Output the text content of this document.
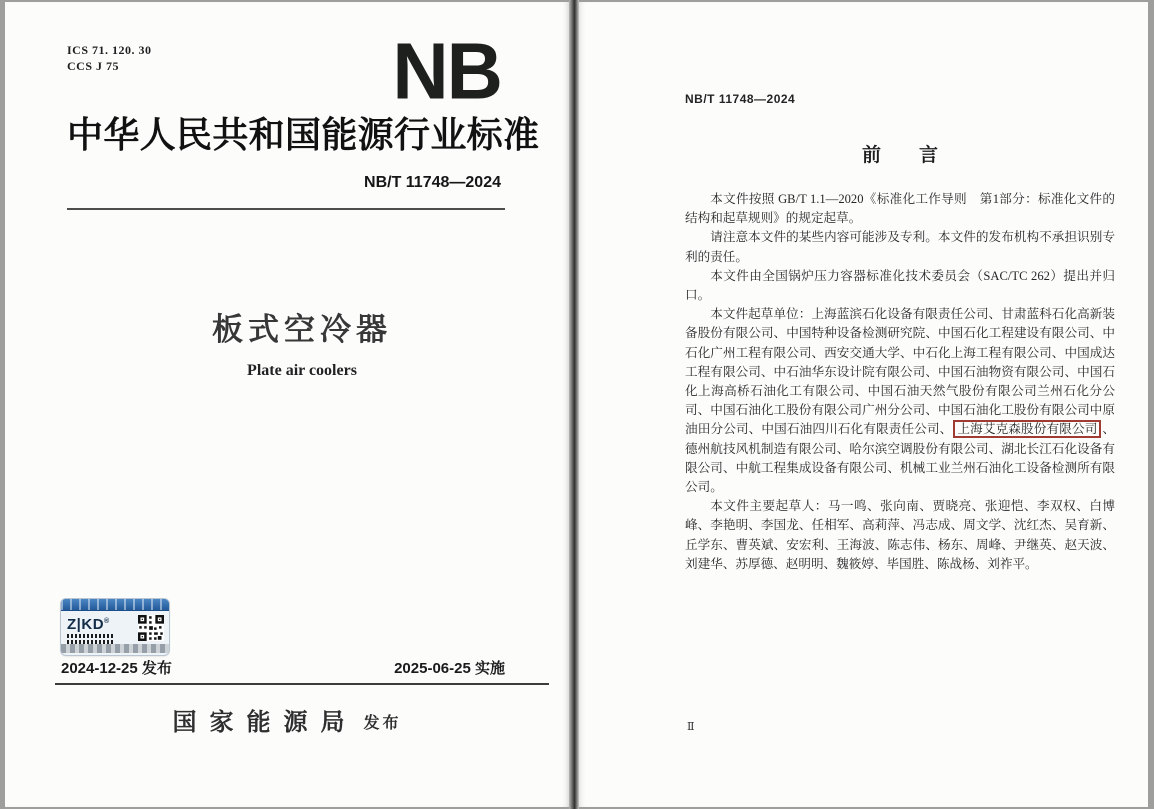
ICS 71. 120. 30
CCS J 75	NB
中华人民共和国能源行业标准
NB/T 11748—2024
板式空冷器
Plate air coolers
Z|KD®
2024-12-25 发布	2025-06-25 实施
国家能源局 发布
NB/T 11748—2024
前　　言

本文件按照 GB/T 1.1—2020《标准化工作导则　第1部分：标准化文件的结构和起草规则》的规定起草。

请注意本文件的某些内容可能涉及专利。本文件的发布机构不承担识别专利的责任。

本文件由全国锅炉压力容器标准化技术委员会（SAC/TC 262）提出并归口。

本文件起草单位：上海蓝滨石化设备有限责任公司、甘肃蓝科石化高新装备股份有限公司、中国特种设备检测研究院、中国石化工程建设有限公司、中石化广州工程有限公司、西安交通大学、中石化上海工程有限公司、中国成达工程有限公司、中石油华东设计院有限公司、中国石油物资有限公司、中国石化上海高桥石油化工有限公司、中国石油天然气股份有限公司兰州石化分公司、中国石油化工股份有限公司广州分公司、中国石油化工股份有限公司中原油田分公司、中国石油四川石化有限责任公司、 上海艾克森股份有限公司 、德州航技风机制造有限公司、哈尔滨空调股份有限公司、湖北长江石化设备有限公司、中航工程集成设备有限公司、机械工业兰州石油化工设备检测所有限公司。

本文件主要起草人：马一鸣、张向南、贾晓亮、张迎恺、李双权、白博峰、李艳明、李国龙、任相军、高莉萍、冯志成、周文学、沈红杰、吴育新、丘学东、曹英斌、安宏利、王海波、陈志伟、杨东、周峰、尹继英、赵天波、刘建华、苏厚德、赵明明、魏筱婷、毕国胜、陈战杨、刘祚平。

Ⅱ
